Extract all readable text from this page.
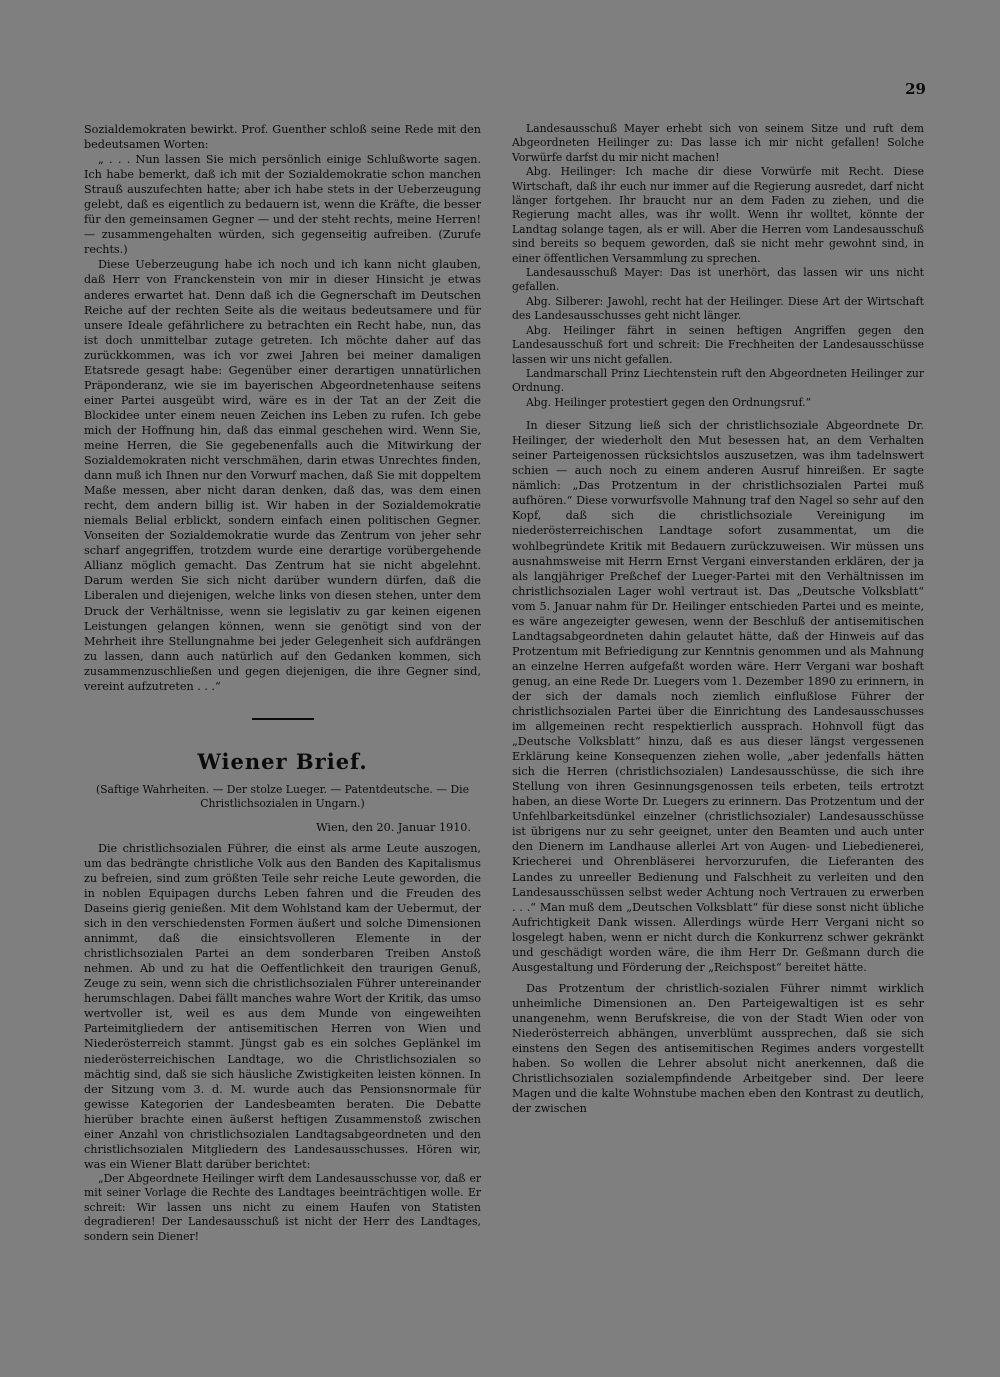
29

Sozialdemokraten bewirkt. Prof. Guenther schloß seine Rede mit den bedeutsamen Worten:

„ . . . Nun lassen Sie mich persönlich einige Schlußworte sagen. Ich habe bemerkt, daß ich mit der Sozialdemokratie schon manchen Strauß auszufechten hatte; aber ich habe stets in der Ueberzeugung gelebt, daß es eigentlich zu bedauern ist, wenn die Kräfte, die besser für den gemeinsamen Gegner — und der steht rechts, meine Herren! — zusammengehalten würden, sich gegenseitig aufreiben. (Zurufe rechts.)

Diese Ueberzeugung habe ich noch und ich kann nicht glauben, daß Herr von Franckenstein von mir in dieser Hinsicht je etwas anderes erwartet hat. Denn daß ich die Gegnerschaft im Deutschen Reiche auf der rechten Seite als die weitaus bedeutsamere und für unsere Ideale gefährlichere zu betrachten ein Recht habe, nun, das ist doch unmittelbar zutage getreten. Ich möchte daher auf das zurückkommen, was ich vor zwei Jahren bei meiner damaligen Etatsrede gesagt habe: Gegenüber einer derartigen unnatürlichen Präponderanz, wie sie im bayerischen Abgeordnetenhause seitens einer Partei ausgeübt wird, wäre es in der Tat an der Zeit die Blockidee unter einem neuen Zeichen ins Leben zu rufen. Ich gebe mich der Hoffnung hin, daß das einmal geschehen wird. Wenn Sie, meine Herren, die Sie gegebenenfalls auch die Mitwirkung der Sozialdemokraten nicht verschmähen, darin etwas Unrechtes finden, dann muß ich Ihnen nur den Vorwurf machen, daß Sie mit doppeltem Maße messen, aber nicht daran denken, daß das, was dem einen recht, dem andern billig ist. Wir haben in der Sozialdemokratie niemals Belial erblickt, sondern einfach einen politischen Gegner. Vonseiten der Sozialdemokratie wurde das Zentrum von jeher sehr scharf angegriffen, trotzdem wurde eine derartige vorübergehende Allianz möglich gemacht. Das Zentrum hat sie nicht abgelehnt. Darum werden Sie sich nicht darüber wundern dürfen, daß die Liberalen und diejenigen, welche links von diesen stehen, unter dem Druck der Verhältnisse, wenn sie legislativ zu gar keinen eigenen Leistungen gelangen können, wenn sie genötigt sind von der Mehrheit ihre Stellungnahme bei jeder Gelegenheit sich aufdrängen zu lassen, dann auch natürlich auf den Gedanken kommen, sich zusammenzuschließen und gegen diejenigen, die ihre Gegner sind, vereint aufzutreten . . .“

Wiener Brief.
(Saftige Wahrheiten. — Der stolze Lueger. — Patentdeutsche. — Die Christlichsozialen in Ungarn.)
Wien, den 20. Januar 1910.

Die christlichsozialen Führer, die einst als arme Leute auszogen, um das bedrängte christliche Volk aus den Banden des Kapitalismus zu befreien, sind zum größten Teile sehr reiche Leute geworden, die in noblen Equipagen durchs Leben fahren und die Freuden des Daseins gierig genießen. Mit dem Wohlstand kam der Uebermut, der sich in den verschiedensten Formen äußert und solche Dimensionen annimmt, daß die einsichtsvolleren Elemente in der christlichsozialen Partei an dem sonderbaren Treiben Anstoß nehmen. Ab und zu hat die Oeffentlichkeit den traurigen Genuß, Zeuge zu sein, wenn sich die christlichsozialen Führer untereinander herumschlagen. Dabei fällt manches wahre Wort der Kritik, das umso wertvoller ist, weil es aus dem Munde von eingeweihten Parteimitgliedern der antisemitischen Herren von Wien und Niederösterreich stammt. Jüngst gab es ein solches Geplänkel im niederösterreichischen Landtage, wo die Christlichsozialen so mächtig sind, daß sie sich häusliche Zwistigkeiten leisten können. In der Sitzung vom 3. d. M. wurde auch das Pensionsnormale für gewisse Kategorien der Landesbeamten beraten. Die Debatte hierüber brachte einen äußerst heftigen Zusammenstoß zwischen einer Anzahl von christlichsozialen Landtagsabgeordneten und den christlichsozialen Mitgliedern des Landesausschusses. Hören wir, was ein Wiener Blatt darüber berichtet:

„Der Abgeordnete Heilinger wirft dem Landesausschusse vor, daß er mit seiner Vorlage die Rechte des Landtages beeinträchtigen wolle. Er schreit: Wir lassen uns nicht zu einem Haufen von Statisten degradieren! Der Landesausschuß ist nicht der Herr des Landtages, sondern sein Diener!

Landesausschuß Mayer erhebt sich von seinem Sitze und ruft dem Abgeordneten Heilinger zu: Das lasse ich mir nicht gefallen! Solche Vorwürfe darfst du mir nicht machen!

Abg. Heilinger: Ich mache dir diese Vorwürfe mit Recht. Diese Wirtschaft, daß ihr euch nur immer auf die Regierung ausredet, darf nicht länger fortgehen. Ihr braucht nur an dem Faden zu ziehen, und die Regierung macht alles, was ihr wollt. Wenn ihr wolltet, könnte der Landtag solange tagen, als er will. Aber die Herren vom Landesausschuß sind bereits so bequem geworden, daß sie nicht mehr gewohnt sind, in einer öffentlichen Versammlung zu sprechen.

Landesausschuß Mayer: Das ist unerhört, das lassen wir uns nicht gefallen.

Abg. Silberer: Jawohl, recht hat der Heilinger. Diese Art der Wirtschaft des Landesausschusses geht nicht länger.

Abg. Heilinger fährt in seinen heftigen Angriffen gegen den Landesausschuß fort und schreit: Die Frechheiten der Landesausschüsse lassen wir uns nicht gefallen.

Landmarschall Prinz Liechtenstein ruft den Abgeordneten Heilinger zur Ordnung.

Abg. Heilinger protestiert gegen den Ordnungsruf.“

In dieser Sitzung ließ sich der christlichsoziale Abgeordnete Dr. Heilinger, der wiederholt den Mut besessen hat, an dem Verhalten seiner Parteigenossen rücksichtslos auszusetzen, was ihm tadelnswert schien — auch noch zu einem anderen Ausruf hinreißen. Er sagte nämlich: „Das Protzentum in der christlichsozialen Partei muß aufhören.“ Diese vorwurfsvolle Mahnung traf den Nagel so sehr auf den Kopf, daß sich die christlichsoziale Vereinigung im niederösterreichischen Landtage sofort zusammentat, um die wohlbegründete Kritik mit Bedauern zurückzuweisen. Wir müssen uns ausnahmsweise mit Herrn Ernst Vergani einverstanden erklären, der ja als langjähriger Preßchef der Lueger-Partei mit den Verhältnissen im christlichsozialen Lager wohl vertraut ist. Das „Deutsche Volksblatt“ vom 5. Januar nahm für Dr. Heilinger entschieden Partei und es meinte, es wäre angezeigter gewesen, wenn der Beschluß der antisemitischen Landtagsabgeordneten dahin gelautet hätte, daß der Hinweis auf das Protzentum mit Befriedigung zur Kenntnis genommen und als Mahnung an einzelne Herren aufgefaßt worden wäre. Herr Vergani war boshaft genug, an eine Rede Dr. Luegers vom 1. Dezember 1890 zu erinnern, in der sich der damals noch ziemlich einflußlose Führer der christlichsozialen Partei über die Einrichtung des Landesausschusses im allgemeinen recht respektierlich aussprach. Hohnvoll fügt das „Deutsche Volksblatt“ hinzu, daß es aus dieser längst vergessenen Erklärung keine Konsequenzen ziehen wolle, „aber jedenfalls hätten sich die Herren (christlichsozialen) Landesausschüsse, die sich ihre Stellung von ihren Gesinnungsgenossen teils erbeten, teils ertrotzt haben, an diese Worte Dr. Luegers zu erinnern. Das Protzentum und der Unfehlbarkeitsdünkel einzelner (christlichsozialer) Landesausschüsse ist übrigens nur zu sehr geeignet, unter den Beamten und auch unter den Dienern im Landhause allerlei Art von Augen- und Liebedienerei, Kriecherei und Ohrenbläserei hervorzurufen, die Lieferanten des Landes zu unreeller Bedienung und Falschheit zu verleiten und den Landesausschüssen selbst weder Achtung noch Vertrauen zu erwerben . . .“ Man muß dem „Deutschen Volksblatt“ für diese sonst nicht übliche Aufrichtigkeit Dank wissen. Allerdings würde Herr Vergani nicht so losgelegt haben, wenn er nicht durch die Konkurrenz schwer gekränkt und geschädigt worden wäre, die ihm Herr Dr. Geßmann durch die Ausgestaltung und Förderung der „Reichspost“ bereitet hätte.

Das Protzentum der christlich-sozialen Führer nimmt wirklich unheimliche Dimensionen an. Den Parteigewaltigen ist es sehr unangenehm, wenn Berufskreise, die von der Stadt Wien oder von Niederösterreich abhängen, unverblümt aussprechen, daß sie sich einstens den Segen des antisemitischen Regimes anders vorgestellt haben. So wollen die Lehrer absolut nicht anerkennen, daß die Christlichsozialen sozialempfindende Arbeitgeber sind. Der leere Magen und die kalte Wohnstube machen eben den Kontrast zu deutlich, der zwischen
